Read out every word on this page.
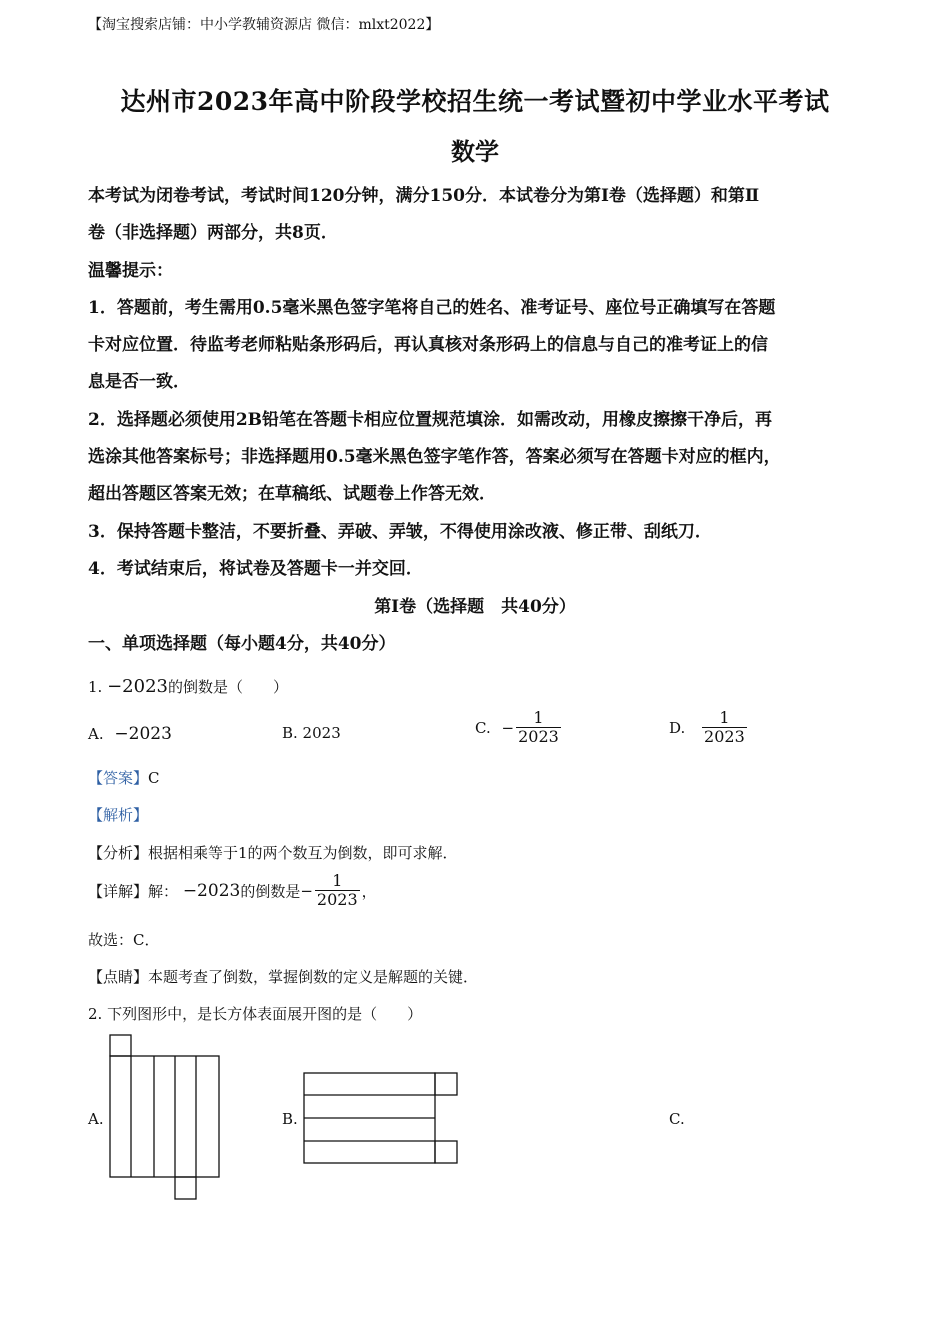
【淘宝搜索店铺：中小学教辅资源店 微信：mlxt2022】
达州市2023年高中阶段学校招生统一考试暨初中学业水平考试
数学
本考试为闭卷考试，考试时间120分钟，满分150分．本试卷分为第Ⅰ卷（选择题）和第Ⅱ
卷（非选择题）两部分，共8页．
温馨提示：
1．答题前，考生需用0.5毫米黑色签字笔将自己的姓名、准考证号、座位号正确填写在答题
卡对应位置．待监考老师粘贴条形码后，再认真核对条形码上的信息与自己的准考证上的信
息是否一致．
2．选择题必须使用2B铅笔在答题卡相应位置规范填涂．如需改动，用橡皮擦擦干净后，再
选涂其他答案标号；非选择题用0.5毫米黑色签字笔作答，答案必须写在答题卡对应的框内，
超出答题区答案无效；在草稿纸、试题卷上作答无效．
3．保持答题卡整洁，不要折叠、弄破、弄皱，不得使用涂改液、修正带、刮纸刀．
4．考试结束后，将试卷及答题卡一并交回．
第Ⅰ卷（选择题　共40分）
一、单项选择题（每小题4分，共40分）
1. −2023的倒数是（　　）
A. −2023	B. 2023	C. − $\frac{1}{2023}$	D. $\frac{1}{2023}$
【答案】C
【解析】
【分析】根据相乘等于1的两个数互为倒数，即可求解．
【详解】解： −2023的倒数是− $\frac{1}{2023}$ ，
故选：C．
【点睛】本题考查了倒数，掌握倒数的定义是解题的关键．
2. 下列图形中，是长方体表面展开图的是（　　）
A.	B.	C.
